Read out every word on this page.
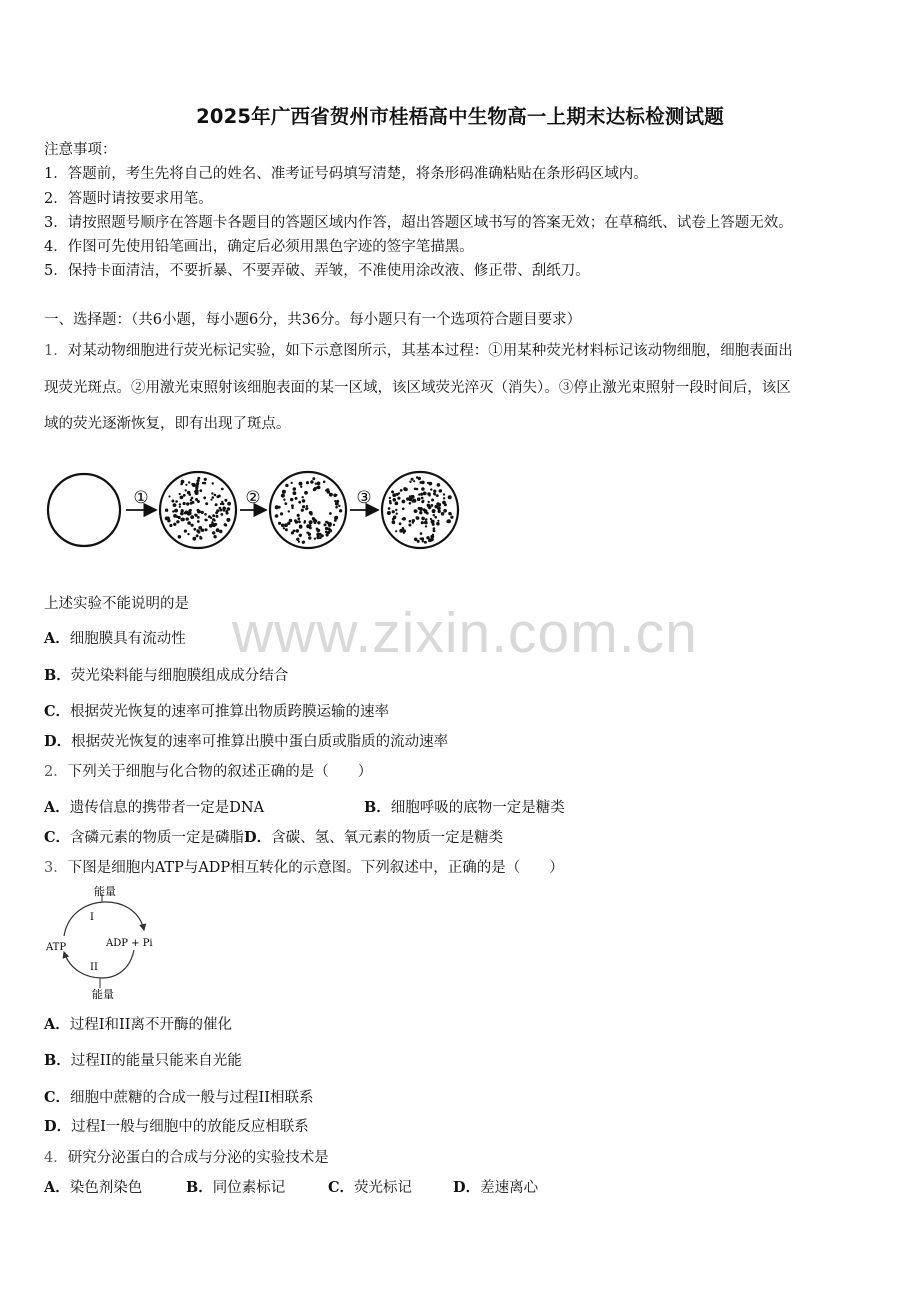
2025年广西省贺州市桂梧高中生物高一上期末达标检测试题
注意事项：
1．答题前，考生先将自己的姓名、准考证号码填写清楚，将条形码准确粘贴在条形码区域内。
2．答题时请按要求用笔。
3．请按照题号顺序在答题卡各题目的答题区域内作答，超出答题区域书写的答案无效；在草稿纸、试卷上答题无效。
4．作图可先使用铅笔画出，确定后必须用黑色字迹的签字笔描黑。
5．保持卡面清洁，不要折暴、不要弄破、弄皱，不准使用涂改液、修正带、刮纸刀。
一、选择题：（共6小题，每小题6分，共36分。每小题只有一个选项符合题目要求）
1．对某动物细胞进行荧光标记实验，如下示意图所示，其基本过程：①用某种荧光材料标记该动物细胞，细胞表面出
现荧光斑点。②用激光束照射该细胞表面的某一区域，该区域荧光淬灭（消失）。③停止激光束照射一段时间后，该区
域的荧光逐渐恢复，即有出现了斑点。
①	②	③
上述实验不能说明的是 www.zixin.com.cn
A．细胞膜具有流动性
B．荧光染料能与细胞膜组成成分结合
C．根据荧光恢复的速率可推算出物质跨膜运输的速率
D．根据荧光恢复的速率可推算出膜中蛋白质或脂质的流动速率
2．下列关于细胞与化合物的叙述正确的是（　　）
A．遗传信息的携带者一定是DNA	B．细胞呼吸的底物一定是糖类
C．含磷元素的物质一定是磷脂D．含碳、氢、氧元素的物质一定是糖类
3．下图是细胞内ATP与ADP相互转化的示意图。下列叙述中，正确的是（　　）
能量
能量
ATP	ADP + Pi
I
II
A．过程I和II离不开酶的催化
B．过程II的能量只能来自光能
C．细胞中蔗糖的合成一般与过程II相联系
D．过程Ⅰ一般与细胞中的放能反应相联系
4．研究分泌蛋白的合成与分泌的实验技术是
A．染色剂染色	B．同位素标记	C．荧光标记	D．差速离心
